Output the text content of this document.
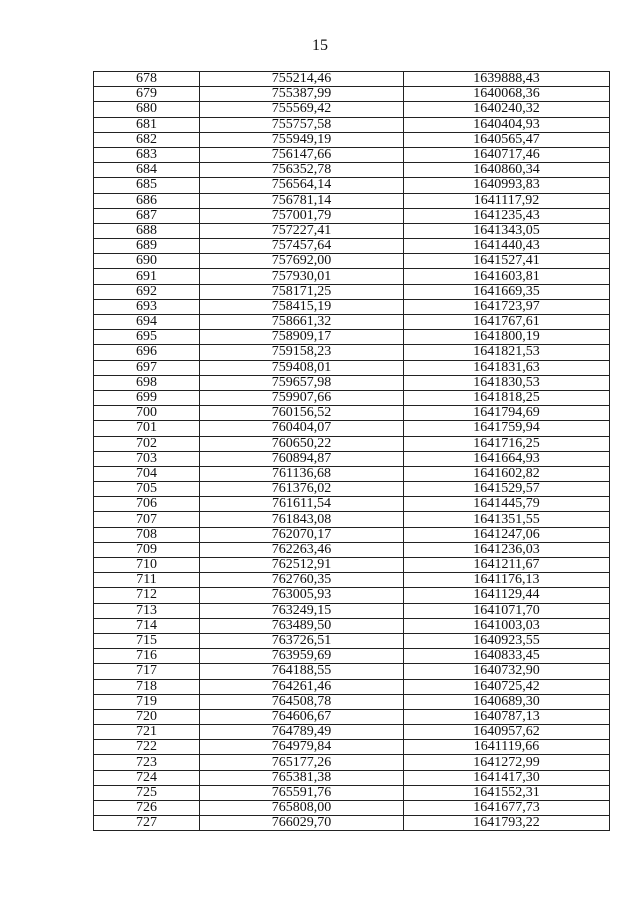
15
678	755214,46	1639888,43
679	755387,99	1640068,36
680	755569,42	1640240,32
681	755757,58	1640404,93
682	755949,19	1640565,47
683	756147,66	1640717,46
684	756352,78	1640860,34
685	756564,14	1640993,83
686	756781,14	1641117,92
687	757001,79	1641235,43
688	757227,41	1641343,05
689	757457,64	1641440,43
690	757692,00	1641527,41
691	757930,01	1641603,81
692	758171,25	1641669,35
693	758415,19	1641723,97
694	758661,32	1641767,61
695	758909,17	1641800,19
696	759158,23	1641821,53
697	759408,01	1641831,63
698	759657,98	1641830,53
699	759907,66	1641818,25
700	760156,52	1641794,69
701	760404,07	1641759,94
702	760650,22	1641716,25
703	760894,87	1641664,93
704	761136,68	1641602,82
705	761376,02	1641529,57
706	761611,54	1641445,79
707	761843,08	1641351,55
708	762070,17	1641247,06
709	762263,46	1641236,03
710	762512,91	1641211,67
711	762760,35	1641176,13
712	763005,93	1641129,44
713	763249,15	1641071,70
714	763489,50	1641003,03
715	763726,51	1640923,55
716	763959,69	1640833,45
717	764188,55	1640732,90
718	764261,46	1640725,42
719	764508,78	1640689,30
720	764606,67	1640787,13
721	764789,49	1640957,62
722	764979,84	1641119,66
723	765177,26	1641272,99
724	765381,38	1641417,30
725	765591,76	1641552,31
726	765808,00	1641677,73
727	766029,70	1641793,22
